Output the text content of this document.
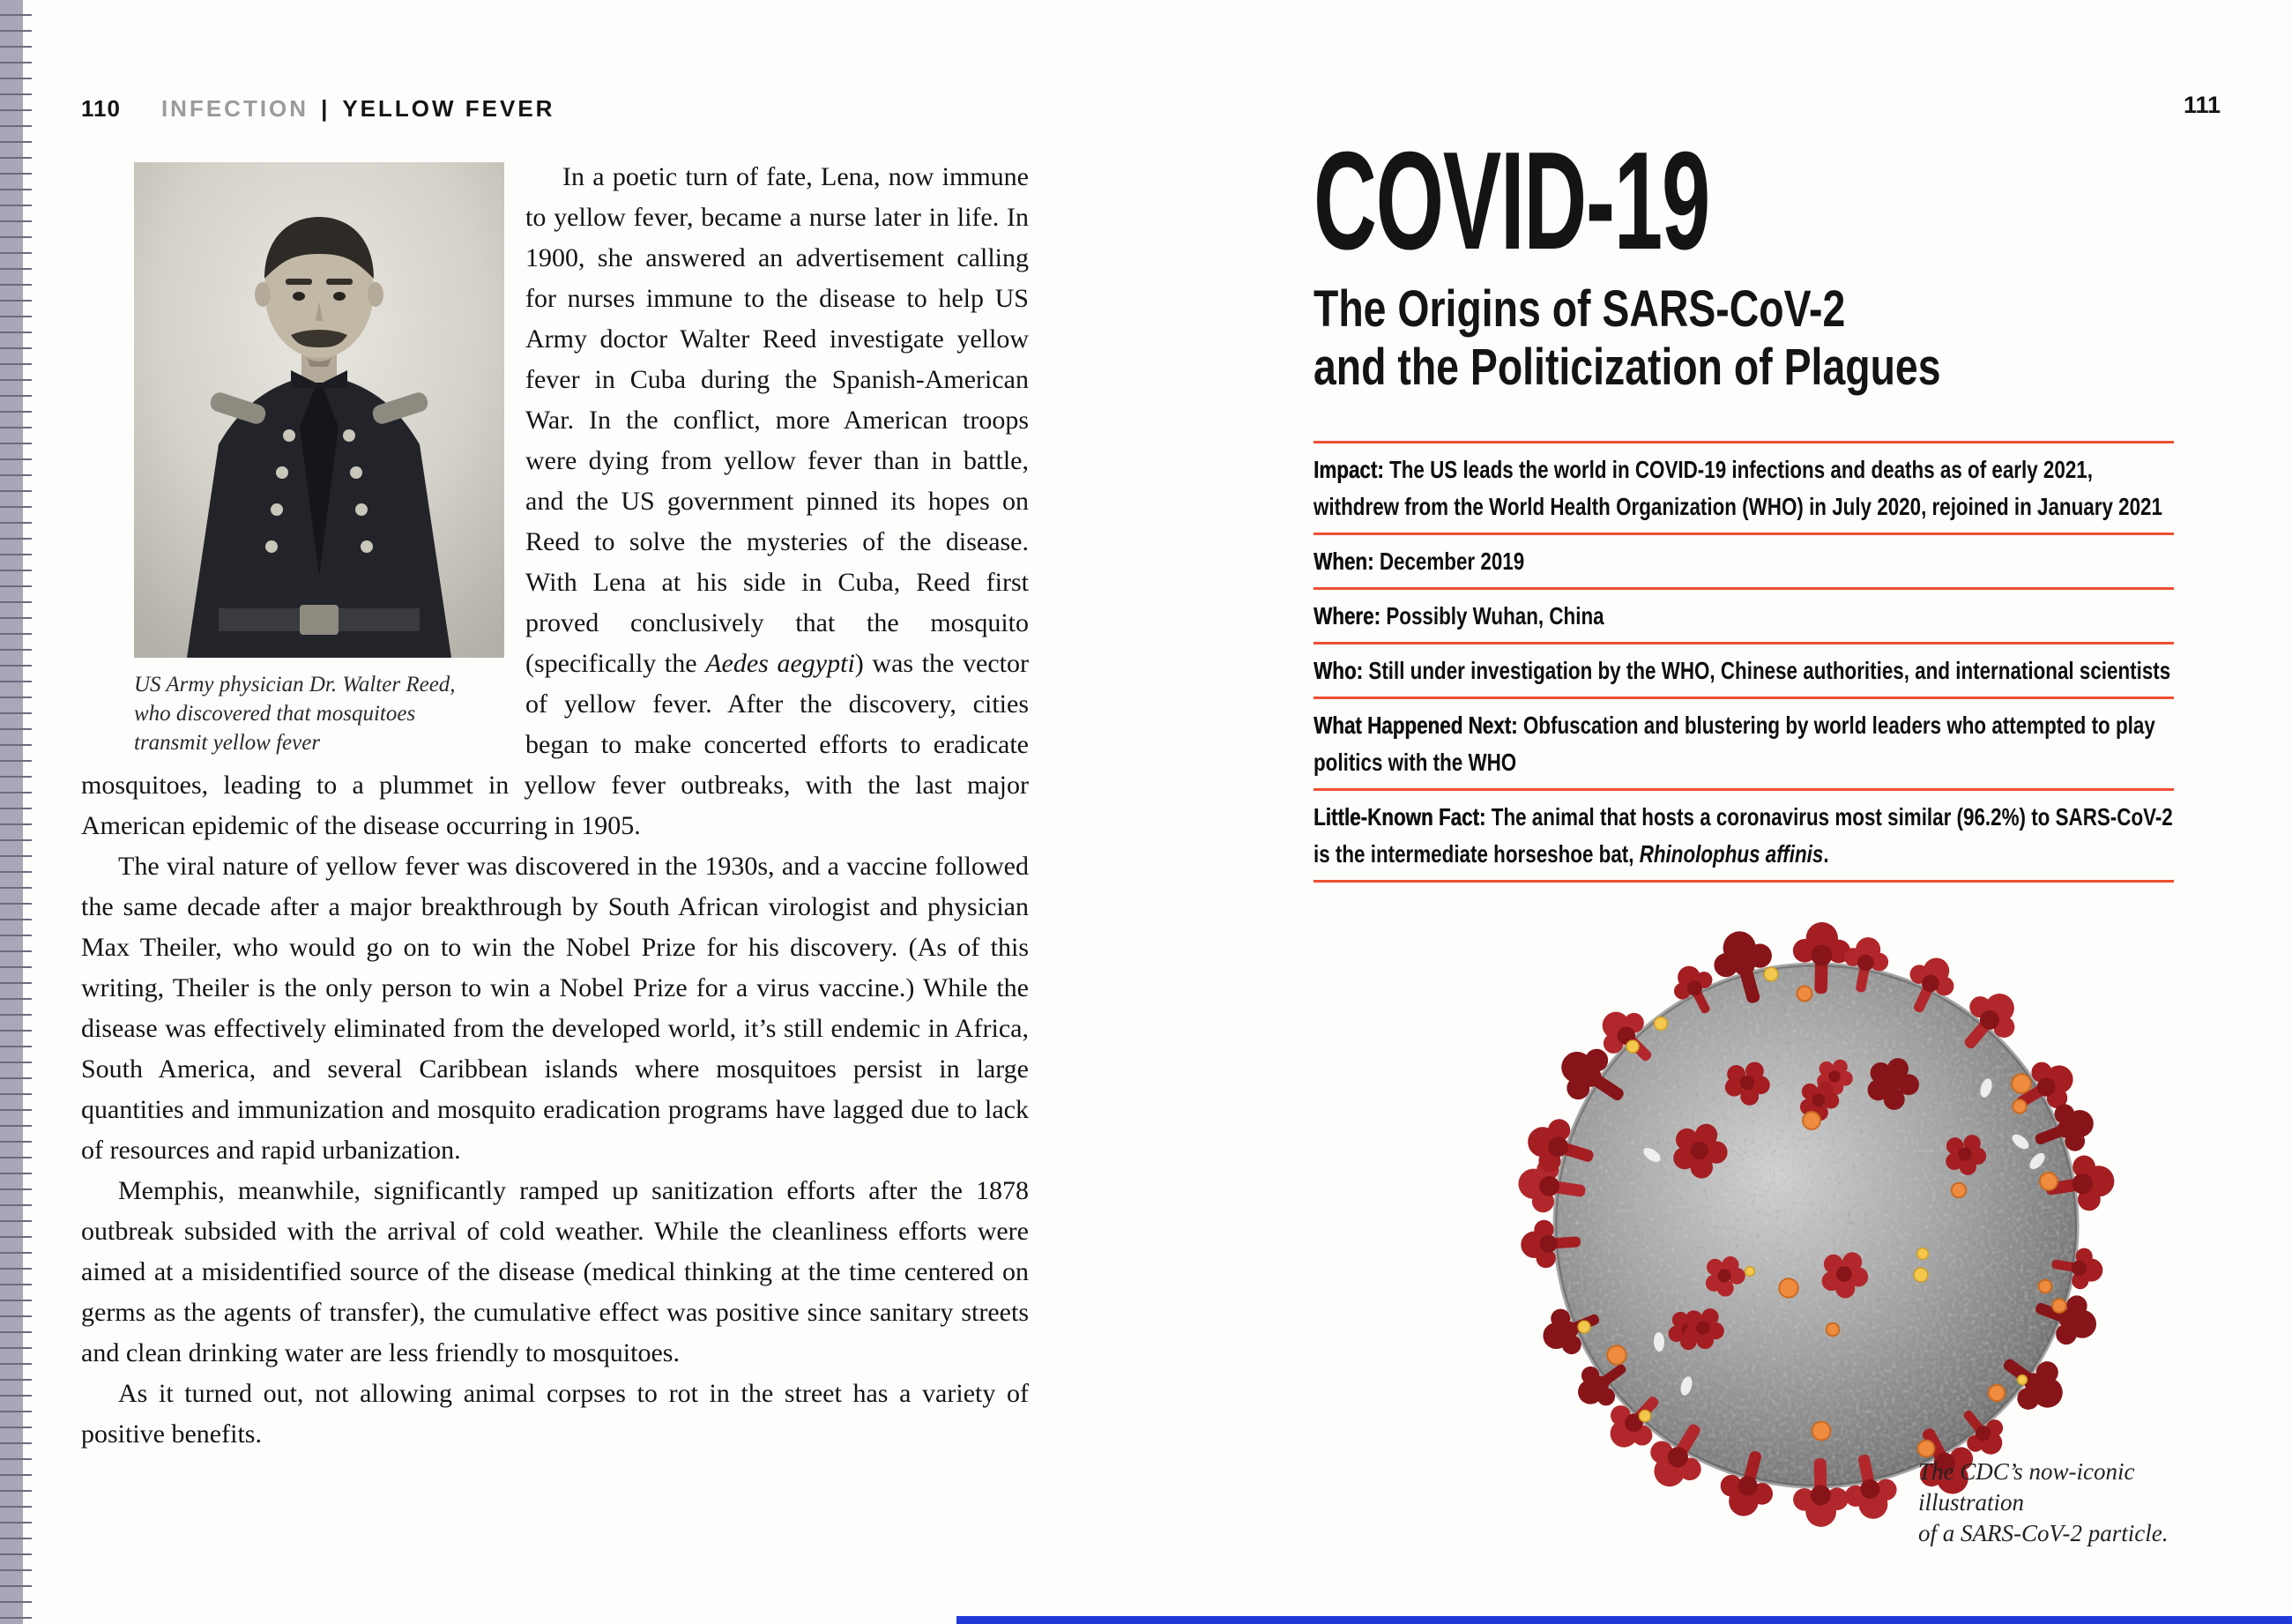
110 INFECTION | YELLOW FEVER
US Army physician Dr. Walter Reed, who discovered that mosquitoes transmit yellow fever

In a poetic turn of fate, Lena, now immune to yellow fever, became a nurse later in life. In 1900, she answered an advertisement calling for nurses immune to the disease to help US Army doctor Walter Reed investigate yellow fever in Cuba during the Spanish-American War. In the conflict, more American troops were dying from yellow fever than in battle, and the US government pinned its hopes on Reed to solve the mysteries of the disease. With Lena at his side in Cuba, Reed first proved conclusively that the mosquito (specifically the Aedes aegypti) was the vector of yellow fever. After the discovery, cities began to make concerted efforts to eradicate mosquitoes, leading to a plummet in yellow fever outbreaks, with the last major American epidemic of the disease occurring in 1905.

The viral nature of yellow fever was discovered in the 1930s, and a vaccine followed the same decade after a major breakthrough by South African virologist and physician Max Theiler, who would go on to win the Nobel Prize for his discovery. (As of this writing, Theiler is the only person to win a Nobel Prize for a virus vaccine.) While the disease was effectively eliminated from the developed world, it’s still endemic in Africa, South America, and several Caribbean islands where mosquitoes persist in large quantities and immunization and mosquito eradication programs have lagged due to lack of resources and rapid urbanization.

Memphis, meanwhile, significantly ramped up sanitization efforts after the 1878 outbreak subsided with the arrival of cold weather. While the cleanliness efforts were aimed at a misidentified source of the disease (medical thinking at the time centered on germs as the agents of transfer), the cumulative effect was positive since sanitary streets and clean drinking water are less friendly to mosquitoes.

As it turned out, not allowing animal corpses to rot in the street has a variety of positive benefits.

111
COVID-19
The Origins of SARS-CoV-2
and the Politicization of Plagues
Impact: The US leads the world in COVID-19 infections and deaths as of early 2021, withdrew from the World Health Organization (WHO) in July 2020, rejoined in January 2021
When: December 2019
Where: Possibly Wuhan, China
Who: Still under investigation by the WHO, Chinese authorities, and international scientists
What Happened Next: Obfuscation and blustering by world leaders who attempted to play politics with the WHO
Little-Known Fact: The animal that hosts a coronavirus most similar (96.2%) to SARS-CoV-2 is the intermediate horseshoe bat, Rhinolophus affinis.
The CDC’s now-iconic illustration
of a SARS-CoV-2 particle.
